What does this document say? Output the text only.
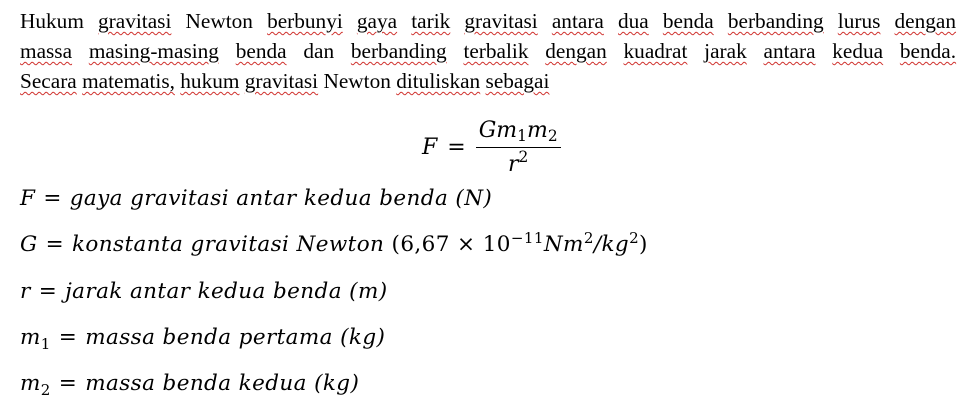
Hukum gravitasi Newton berbunyi gaya tarik gravitasi antara dua benda berbanding lurus dengan
massa masing-masing benda dan berbanding terbalik dengan kuadrat jarak antara kedua benda.
Secara matematis, hukum gravitasi Newton dituliskan sebagai
$F = \frac{Gm_1m_2}{r^2}$
F = gaya gravitasi antar kedua benda (N)
G = konstanta gravitasi Newton $(6,67 \times 10^{-11}Nm^2/kg^2)$
r = jarak antar kedua benda (m)
$m_1$ = massa benda pertama (kg)
$m_2$ = massa benda kedua (kg)
